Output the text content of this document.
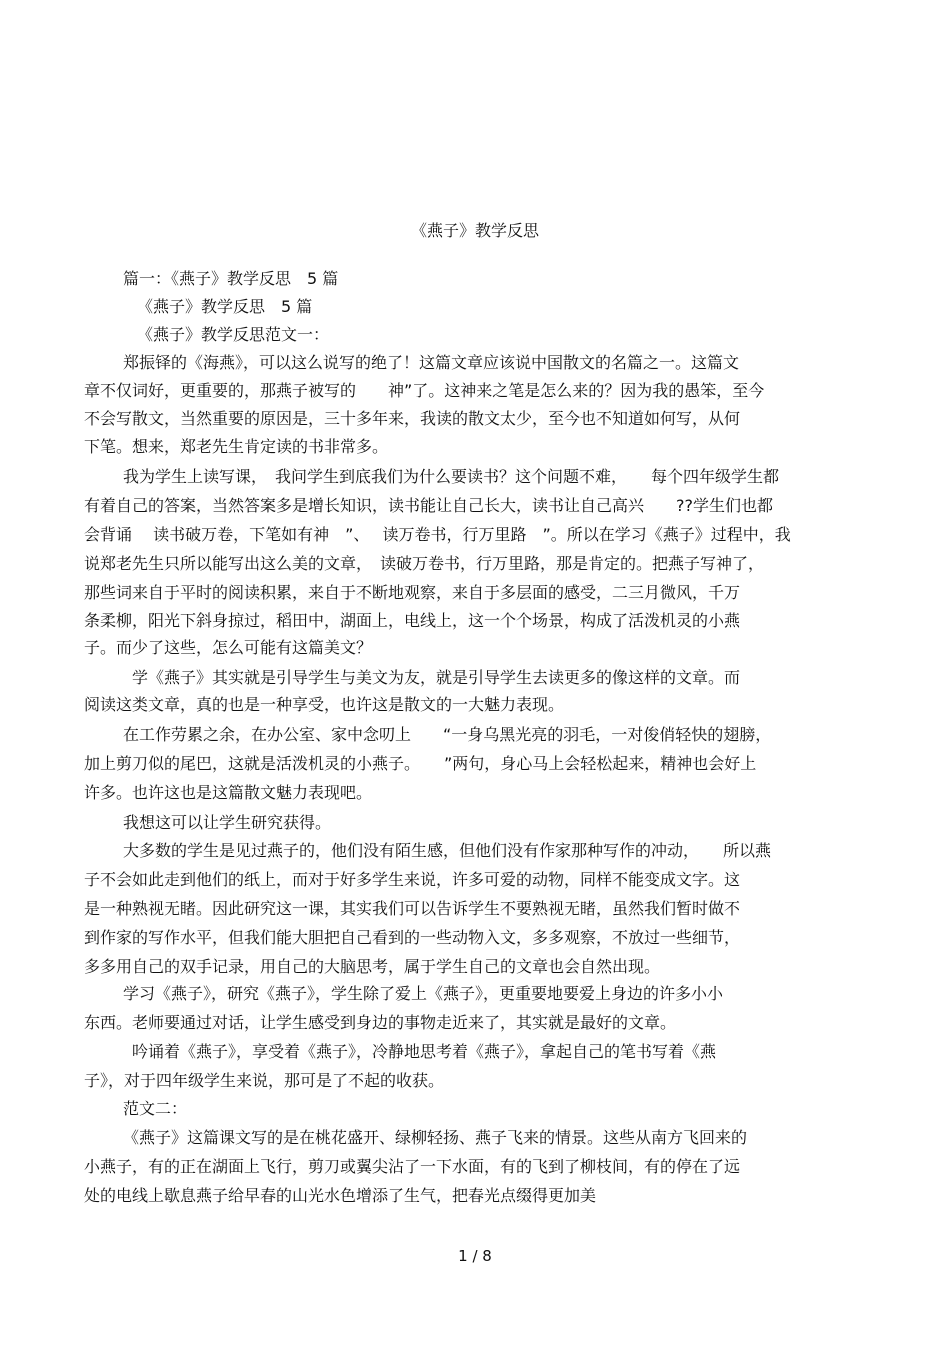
《燕子》教学反思
篇一：《燕子》教学反思　5 篇
《燕子》教学反思　5 篇
《燕子》教学反思范文一：
郑振铎的《海燕》，可以这么说写的绝了！这篇文章应该说中国散文的名篇之一。这篇文
章不仅词好，更重要的，那燕子被写的　　神”了。这神来之笔是怎么来的？因为我的愚笨，至今
不会写散文，当然重要的原因是，三十多年来，我读的散文太少，至今也不知道如何写，从何
下笔。想来，郑老先生肯定读的书非常多。
我为学生上读写课，　我问学生到底我们为什么要读书？这个问题不难，　　每个四年级学生都
有着自己的答案，当然答案多是增长知识，读书能让自己长大，读书让自己高兴　　??学生们也都
会背诵　 读书破万卷，下笔如有神　”、　 读万卷书，行万里路　”。所以在学习《燕子》过程中，我
说郑老先生只所以能写出这么美的文章，　读破万卷书，行万里路，那是肯定的。把燕子写神了，
那些词来自于平时的阅读积累，来自于不断地观察，来自于多层面的感受，二三月微风，千万
条柔柳，阳光下斜身掠过，稻田中，湖面上，电线上，这一个个场景，构成了活泼机灵的小燕
子。而少了这些，怎么可能有这篇美文？
学《燕子》其实就是引导学生与美文为友，就是引导学生去读更多的像这样的文章。而
阅读这类文章，真的也是一种享受，也许这是散文的一大魅力表现。
在工作劳累之余，在办公室、家中念叨上　　“一身乌黑光亮的羽毛，一对俊俏轻快的翅膀，
加上剪刀似的尾巴，这就是活泼机灵的小燕子。　　”两句，身心马上会轻松起来，精神也会好上
许多。也许这也是这篇散文魅力表现吧。
我想这可以让学生研究获得。
大多数的学生是见过燕子的，他们没有陌生感，但他们没有作家那种写作的冲动，　　所以燕
子不会如此走到他们的纸上，而对于好多学生来说，许多可爱的动物，同样不能变成文字。这
是一种熟视无睹。因此研究这一课，其实我们可以告诉学生不要熟视无睹，虽然我们暂时做不
到作家的写作水平，但我们能大胆把自己看到的一些动物入文，多多观察，不放过一些细节，
多多用自己的双手记录，用自己的大脑思考，属于学生自己的文章也会自然出现。
学习《燕子》，研究《燕子》，学生除了爱上《燕子》，更重要地要爱上身边的许多小小
东西。老师要通过对话，让学生感受到身边的事物走近来了，其实就是最好的文章。
吟诵着《燕子》，享受着《燕子》，冷静地思考着《燕子》，拿起自己的笔书写着《燕
子》，对于四年级学生来说，那可是了不起的收获。
范文二：
《燕子》这篇课文写的是在桃花盛开、绿柳轻扬、燕子飞来的情景。这些从南方飞回来的
小燕子，有的正在湖面上飞行，剪刀或翼尖沾了一下水面，有的飞到了柳枝间，有的停在了远
处的电线上歇息燕子给早春的山光水色增添了生气，把春光点缀得更加美
1 / 8
